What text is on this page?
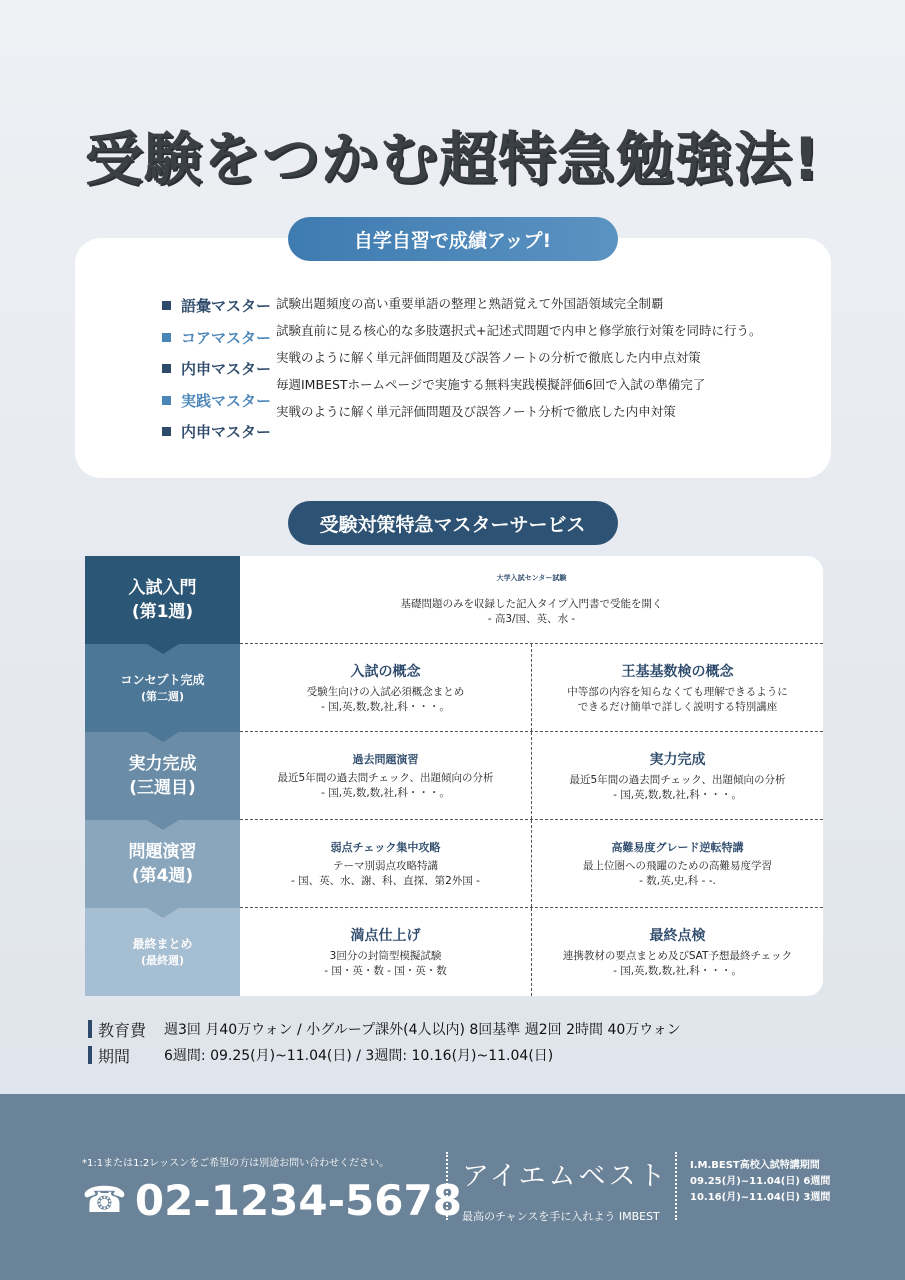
受験をつかむ超特急勉強法!
自学自習で成績アップ!
語彙マスター
コアマスター
内申マスター
実践マスター
内申マスター
試験出題頻度の高い重要単語の整理と熟語覚えて外国語領域完全制覇
試験直前に見る核心的な多肢選択式+記述式問題で内申と修学旅行対策を同時に行う。
実戦のように解く単元評価問題及び誤答ノートの分析で徹底した内申点対策
毎週IMBESTホームページで実施する無料実践模擬評価6回で入試の準備完了
実戦のように解く単元評価問題及び誤答ノート分析で徹底した内申対策
受験対策特急マスターサービス
入試入門
(第1週)
コンセプト完成
(第二週)
実力完成
(三週目)
問題演習
(第4週)
最終まとめ
(最終週)
大学入試センター試験
基礎問題のみを収録した記入タイプ入門書で受能を開く
- 高3/国、英、水 -
入試の概念
受験生向けの入試必須概念まとめ
- 国,英,数,数,社,科・・・。
王基基数検の概念
中等部の内容を知らなくても理解できるように
できるだけ簡単で詳しく説明する特別講座
過去問題演習
最近5年間の過去問チェック、出題傾向の分析
- 国,英,数,数,社,科・・・。
実力完成
最近5年間の過去問チェック、出題傾向の分析
- 国,英,数,数,社,科・・・。
弱点チェック集中攻略
テーマ別弱点攻略特講
- 国、英、水、謝、科、直探、第2外国 -
高難易度グレード逆転特講
最上位圏への飛躍のための高難易度学習
- 数,英,史,科 - -.
満点仕上げ
3回分の封筒型模擬試験
- 国・英・数 - 国・英・数
最終点検
連携教材の要点まとめ及びSAT予想最終チェック
- 国,英,数,数,社,科・・・。
教育費	週3回 月40万ウォン / 小グループ課外(4人以内) 8回基準 週2回 2時間 40万ウォン
期間	6週間: 09.25(月)~11.04(日) / 3週間: 10.16(月)~11.04(日)
*1:1または1:2レッスンをご希望の方は別途お問い合わせください。
☎ 02-1234-5678 アイエムベスト
最高のチャンスを手に入れよう IMBEST
I.M.BEST高校入試特講期間
09.25(月)~11.04(日) 6週間
10.16(月)~11.04(日) 3週間
